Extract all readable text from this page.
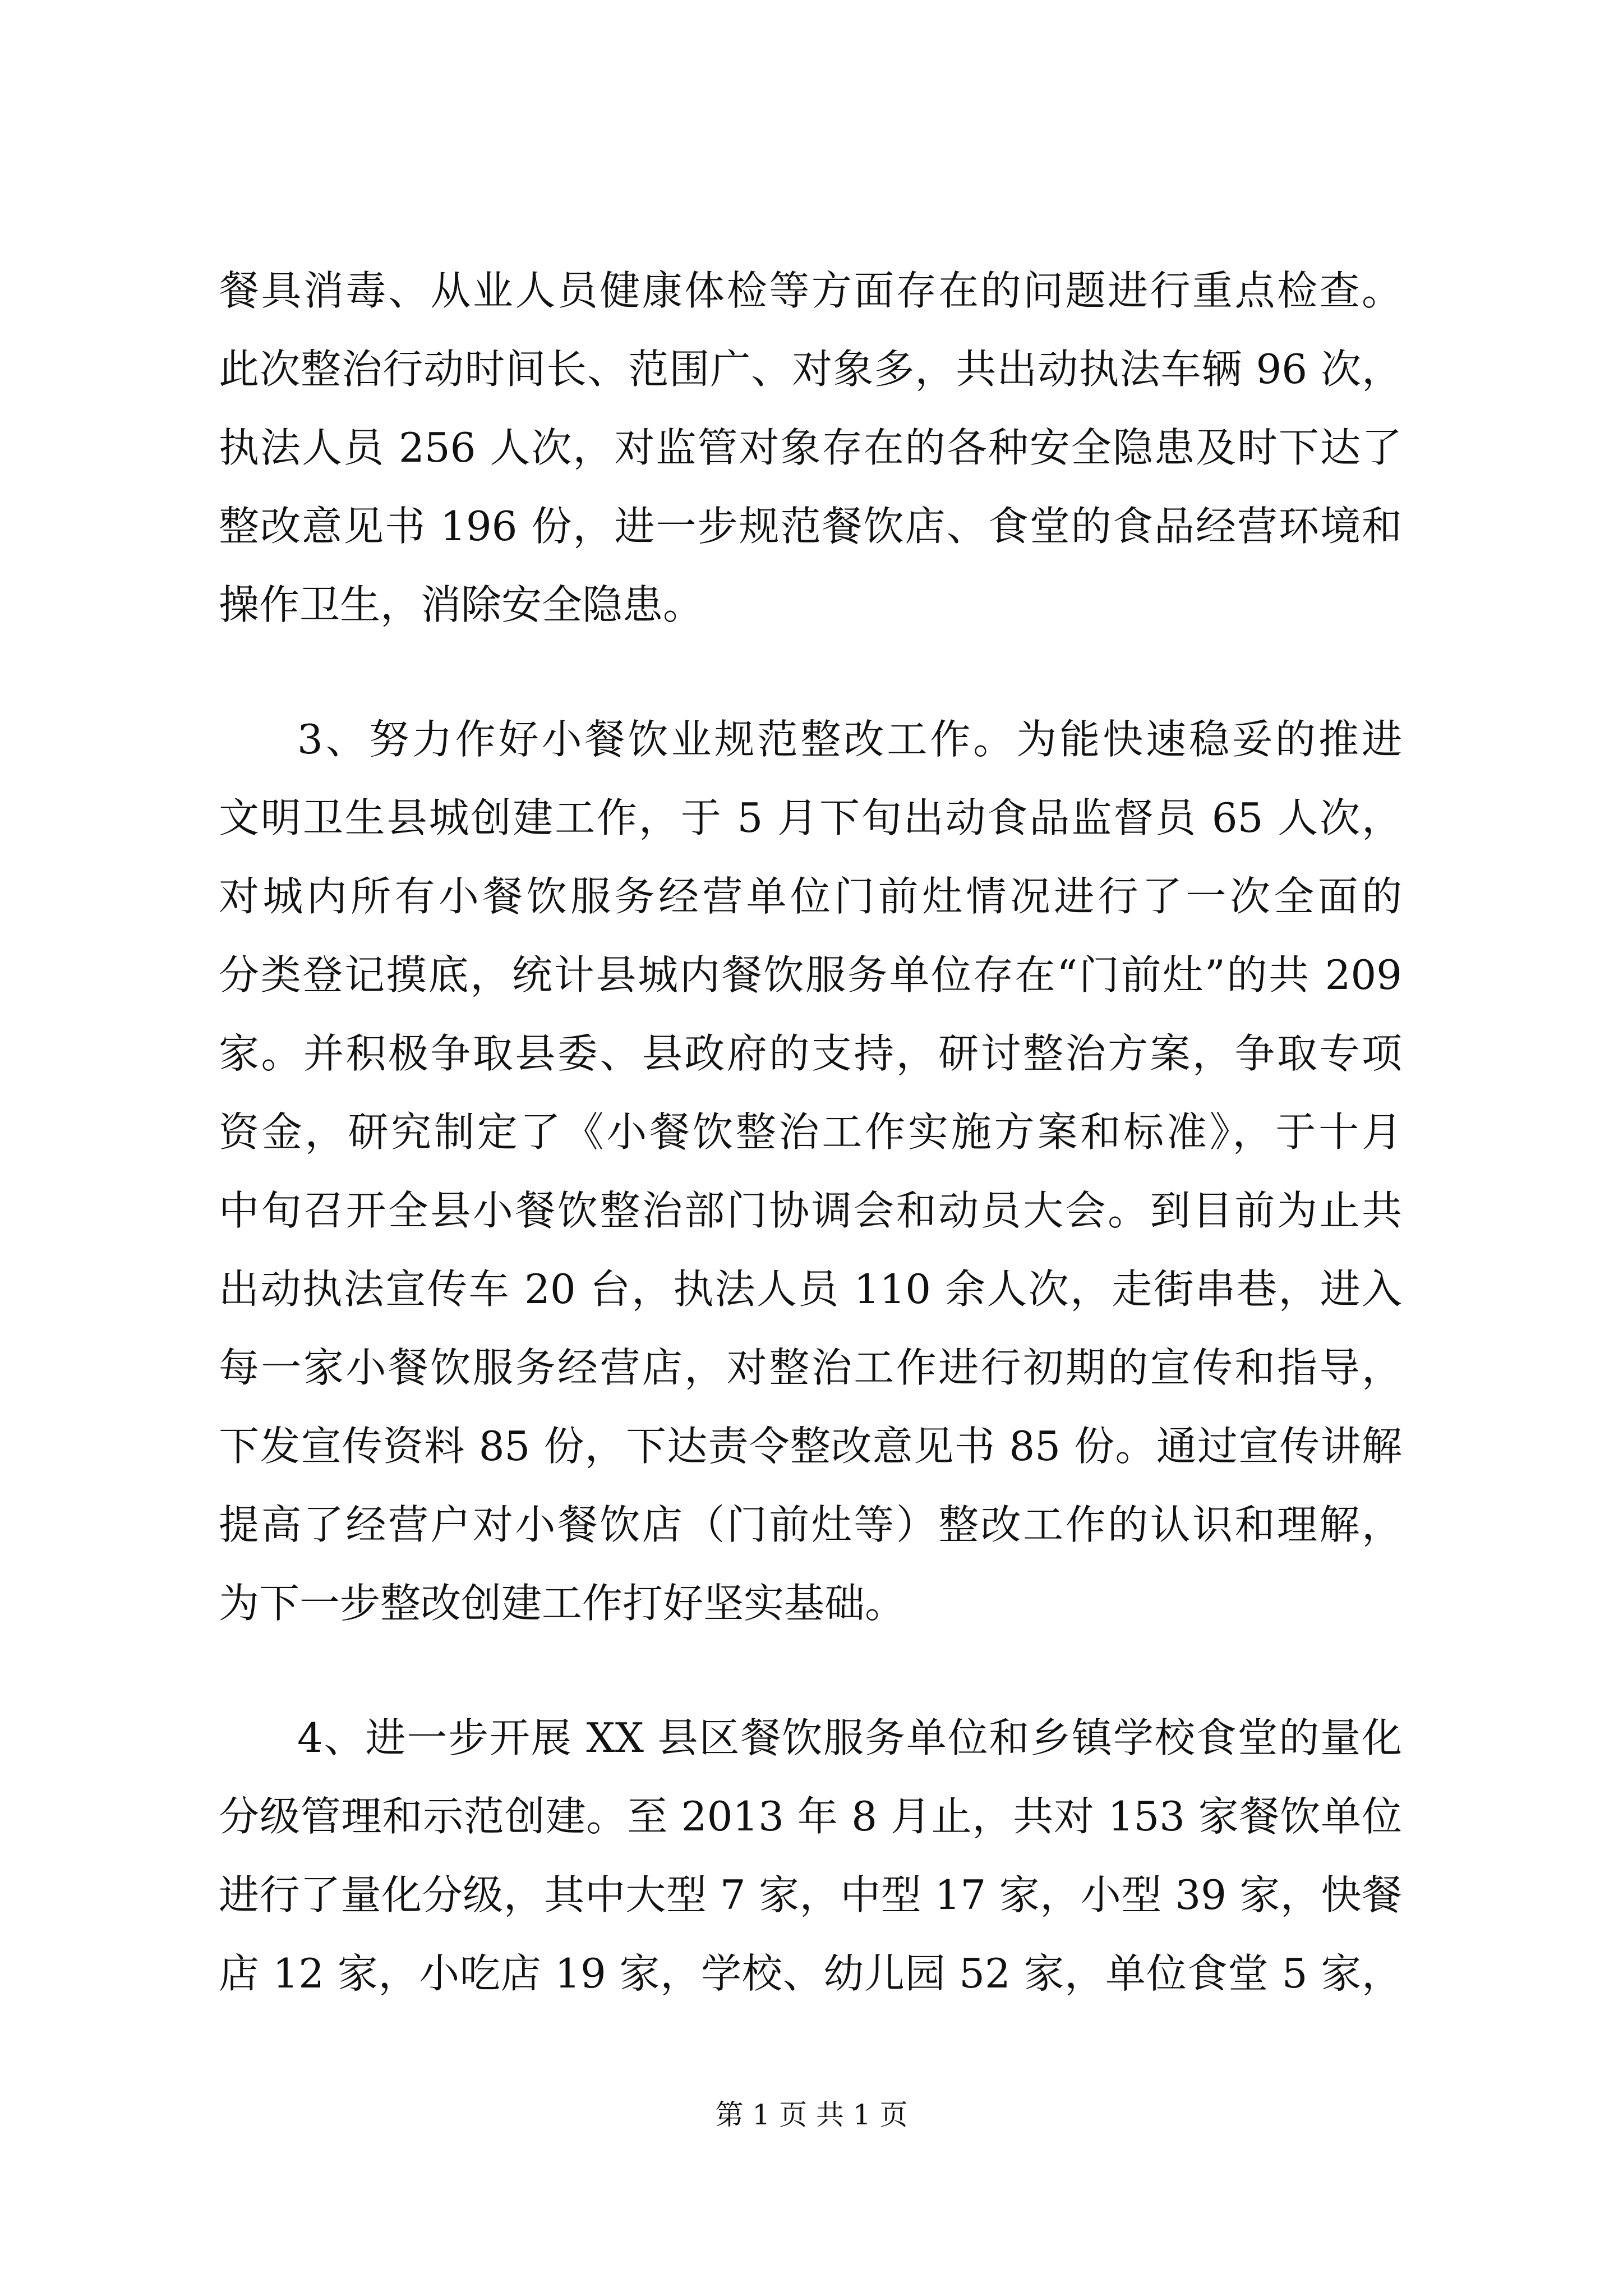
餐具消毒、从业人员健康体检等方面存在的问题进行重点检查。
此次整治行动时间长、范围广、对象多，共出动执法车辆 96 次，
执法人员 256 人次，对监管对象存在的各种安全隐患及时下达了
整改意见书 196 份，进一步规范餐饮店、食堂的食品经营环境和
操作卫生，消除安全隐患。
3、努力作好小餐饮业规范整改工作。为能快速稳妥的推进
文明卫生县城创建工作，于 5 月下旬出动食品监督员 65 人次，
对城内所有小餐饮服务经营单位门前灶情况进行了一次全面的
分类登记摸底，统计县城内餐饮服务单位存在“门前灶”的共 209
家。并积极争取县委、县政府的支持，研讨整治方案，争取专项
资金，研究制定了《小餐饮整治工作实施方案和标准》，于十月
中旬召开全县小餐饮整治部门协调会和动员大会。到目前为止共
出动执法宣传车 20 台，执法人员 110 余人次，走街串巷，进入
每一家小餐饮服务经营店，对整治工作进行初期的宣传和指导，
下发宣传资料 85 份，下达责令整改意见书 85 份。通过宣传讲解
提高了经营户对小餐饮店（门前灶等）整改工作的认识和理解，
为下一步整改创建工作打好坚实基础。
4、进一步开展 XX 县区餐饮服务单位和乡镇学校食堂的量化
分级管理和示范创建。至 2013 年 8 月止，共对 153 家餐饮单位
进行了量化分级，其中大型 7 家，中型 17 家，小型 39 家，快餐
店 12 家，小吃店 19 家，学校、幼儿园 52 家，单位食堂 5 家，
第 1 页 共 1 页
